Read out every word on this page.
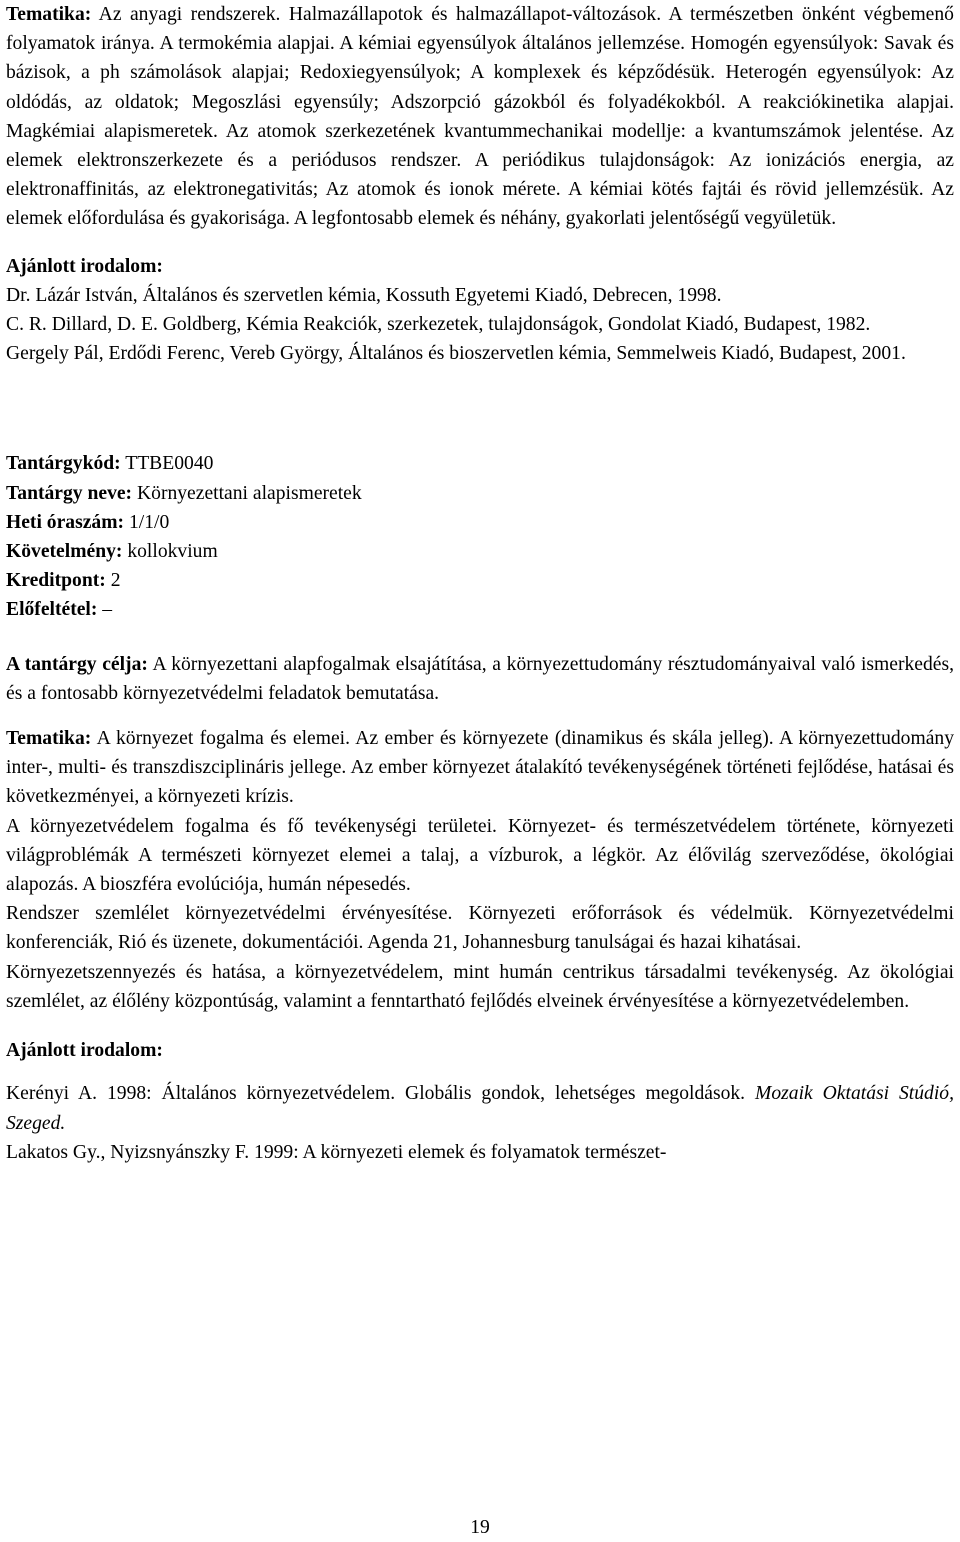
Tematika: Az anyagi rendszerek. Halmazállapotok és halmazállapot-változások. A természetben önként végbemenő folyamatok iránya. A termokémia alapjai. A kémiai egyensúlyok általános jellemzése. Homogén egyensúlyok: Savak és bázisok, a ph számolások alapjai; Redoxiegyensúlyok; A komplexek és képződésük. Heterogén egyensúlyok: Az oldódás, az oldatok; Megoszlási egyensúly; Adszorpció gázokból és folyadékokból. A reakciókinetika alapjai. Magkémiai alapismeretek. Az atomok szerkezetének kvantummechanikai modellje: a kvantumszámok jelentése. Az elemek elektronszerkezete és a periódusos rendszer. A periódikus tulajdonságok: Az ionizációs energia, az elektronaffinitás, az elektronegativitás; Az atomok és ionok mérete. A kémiai kötés fajtái és rövid jellemzésük. Az elemek előfordulása és gyakorisága. A legfontosabb elemek és néhány, gyakorlati jelentőségű vegyületük.

Ajánlott irodalom:

Dr. Lázár István, Általános és szervetlen kémia, Kossuth Egyetemi Kiadó, Debrecen, 1998.

C. R. Dillard, D. E. Goldberg, Kémia Reakciók, szerkezetek, tulajdonságok, Gondolat Kiadó, Budapest, 1982.

Gergely Pál, Erdődi Ferenc, Vereb György, Általános és bioszervetlen kémia, Semmelweis Kiadó, Budapest, 2001.

Tantárgykód: TTBE0040
Tantárgy neve: Környezettani alapismeretek
Heti óraszám: 1/1/0
Követelmény: kollokvium
Kreditpont: 2
Előfeltétel: –

A tantárgy célja: A környezettani alapfogalmak elsajátítása, a környezettudomány résztudományaival való ismerkedés, és a fontosabb környezetvédelmi feladatok bemutatása.

Tematika: A környezet fogalma és elemei. Az ember és környezete (dinamikus és skála jelleg). A környezettudomány inter-, multi- és transzdiszciplináris jellege. Az ember környezet átalakító tevékenységének történeti fejlődése, hatásai és következményei, a környezeti krízis.

A környezetvédelem fogalma és fő tevékenységi területei. Környezet- és természetvédelem története, környezeti világproblémák A természeti környezet elemei a talaj, a vízburok, a légkör. Az élővilág szerveződése, ökológiai alapozás. A bioszféra evolúciója, humán népesedés.

Rendszer szemlélet környezetvédelmi érvényesítése. Környezeti erőforrások és védelmük. Környezetvédelmi konferenciák, Rió és üzenete, dokumentációi. Agenda 21, Johannesburg tanulságai és hazai kihatásai.

Környezetszennyezés és hatása, a környezetvédelem, mint humán centrikus társadalmi tevékenység. Az ökológiai szemlélet, az élőlény központúság, valamint a fenntartható fejlődés elveinek érvényesítése a környezetvédelemben.

Ajánlott irodalom:

Kerényi A. 1998: Általános környezetvédelem. Globális gondok, lehetséges megoldások. Mozaik Oktatási Stúdió, Szeged.

Lakatos Gy., Nyizsnyánszky F. 1999: A környezeti elemek és folyamatok természet-

19
